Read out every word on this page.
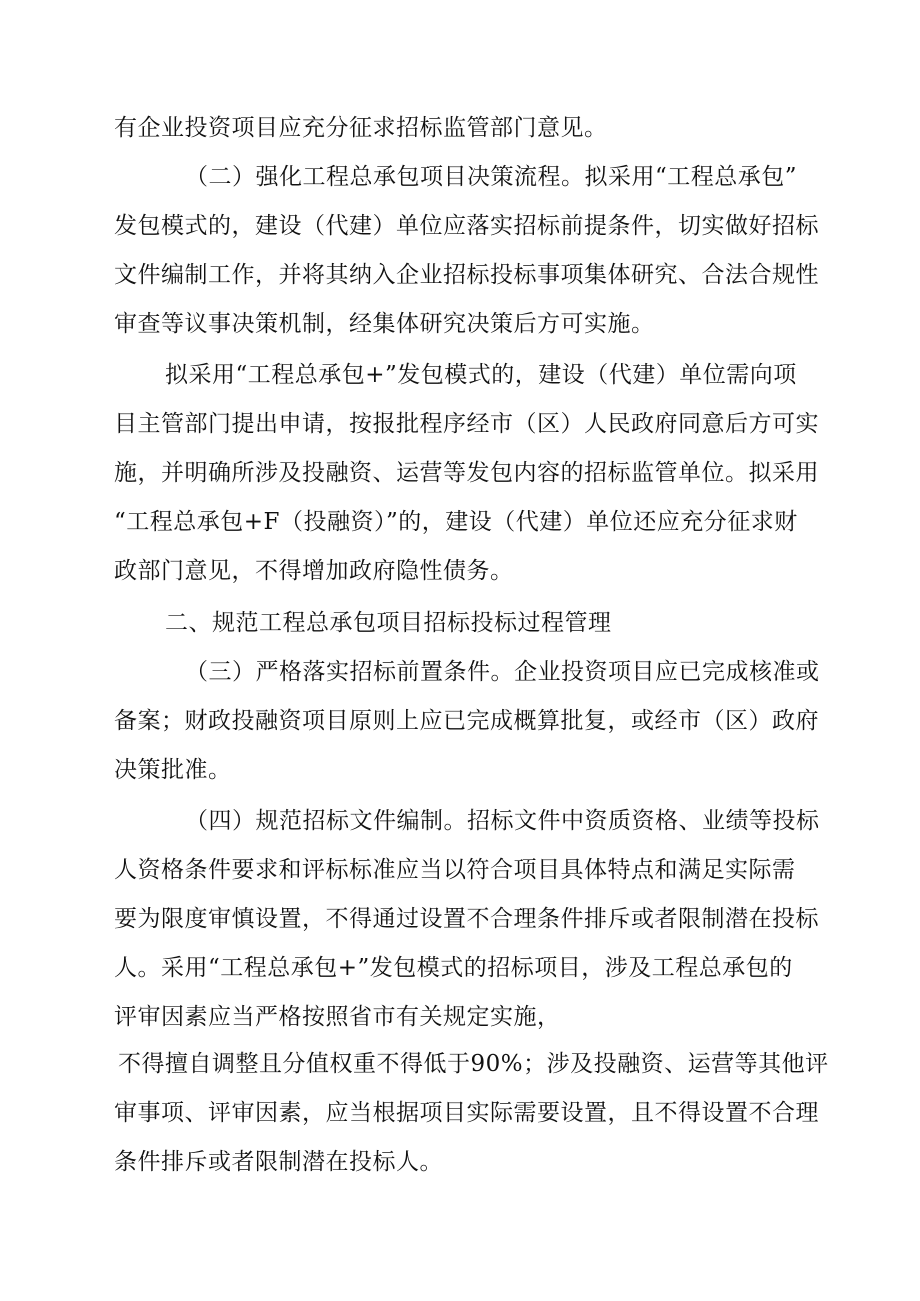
有企业投资项目应充分征求招标监管部门意见。
（二）强化工程总承包项目决策流程。拟采用“工程总承包”
发包模式的，建设（代建）单位应落实招标前提条件，切实做好招标
文件编制工作，并将其纳入企业招标投标事项集体研究、合法合规性
审查等议事决策机制，经集体研究决策后方可实施。
拟采用“工程总承包+”发包模式的，建设（代建）单位需向项
目主管部门提出申请，按报批程序经市（区）人民政府同意后方可实
施，并明确所涉及投融资、运营等发包内容的招标监管单位。拟采用
“工程总承包+F（投融资）”的，建设（代建）单位还应充分征求财
政部门意见，不得增加政府隐性债务。
二、规范工程总承包项目招标投标过程管理
（三）严格落实招标前置条件。企业投资项目应已完成核准或
备案；财政投融资项目原则上应已完成概算批复，或经市（区）政府
决策批准。
（四）规范招标文件编制。招标文件中资质资格、业绩等投标
人资格条件要求和评标标准应当以符合项目具体特点和满足实际需
要为限度审慎设置，不得通过设置不合理条件排斥或者限制潜在投标
人。采用“工程总承包+”发包模式的招标项目，涉及工程总承包的
评审因素应当严格按照省市有关规定实施，
不得擅自调整且分值权重不得低于90%；涉及投融资、运营等其他评
审事项、评审因素，应当根据项目实际需要设置，且不得设置不合理
条件排斥或者限制潜在投标人。
